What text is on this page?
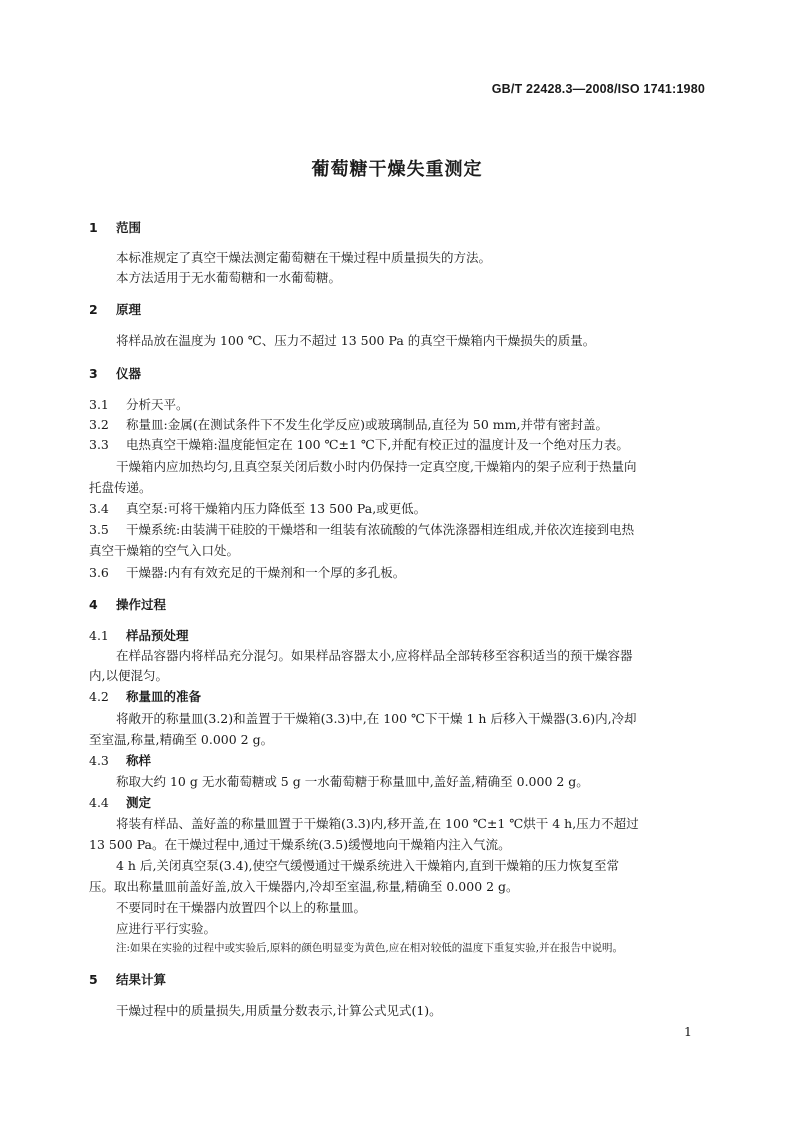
GB/T 22428.3—2008/ISO 1741:1980
葡萄糖干燥失重测定
1 范围
本标准规定了真空干燥法测定葡萄糖在干燥过程中质量损失的方法。
本方法适用于无水葡萄糖和一水葡萄糖。
2 原理
将样品放在温度为 100 ℃、压力不超过 13 500 Pa 的真空干燥箱内干燥损失的质量。
3 仪器
3.1 分析天平。
3.2 称量皿:金属(在测试条件下不发生化学反应)或玻璃制品,直径为 50 mm,并带有密封盖。
3.3 电热真空干燥箱:温度能恒定在 100 ℃±1 ℃下,并配有校正过的温度计及一个绝对压力表。
干燥箱内应加热均匀,且真空泵关闭后数小时内仍保持一定真空度,干燥箱内的架子应利于热量向
托盘传递。
3.4 真空泵:可将干燥箱内压力降低至 13 500 Pa,或更低。
3.5 干燥系统:由装满干硅胶的干燥塔和一组装有浓硫酸的气体洗涤器相连组成,并依次连接到电热
真空干燥箱的空气入口处。
3.6 干燥器:内有有效充足的干燥剂和一个厚的多孔板。
4 操作过程
4.1 样品预处理
在样品容器内将样品充分混匀。如果样品容器太小,应将样品全部转移至容积适当的预干燥容器
内,以便混匀。
4.2 称量皿的准备
将敞开的称量皿(3.2)和盖置于干燥箱(3.3)中,在 100 ℃下干燥 1 h 后移入干燥器(3.6)内,冷却
至室温,称量,精确至 0.000 2 g。
4.3 称样
称取大约 10 g 无水葡萄糖或 5 g 一水葡萄糖于称量皿中,盖好盖,精确至 0.000 2 g。
4.4 测定
将装有样品、盖好盖的称量皿置于干燥箱(3.3)内,移开盖,在 100 ℃±1 ℃烘干 4 h,压力不超过
13 500 Pa。在干燥过程中,通过干燥系统(3.5)缓慢地向干燥箱内注入气流。
4 h 后,关闭真空泵(3.4),使空气缓慢通过干燥系统进入干燥箱内,直到干燥箱的压力恢复至常
压。取出称量皿前盖好盖,放入干燥器内,冷却至室温,称量,精确至 0.000 2 g。
不要同时在干燥器内放置四个以上的称量皿。
应进行平行实验。
注:如果在实验的过程中或实验后,原料的颜色明显变为黄色,应在相对较低的温度下重复实验,并在报告中说明。
5 结果计算
干燥过程中的质量损失,用质量分数表示,计算公式见式(1)。
1
